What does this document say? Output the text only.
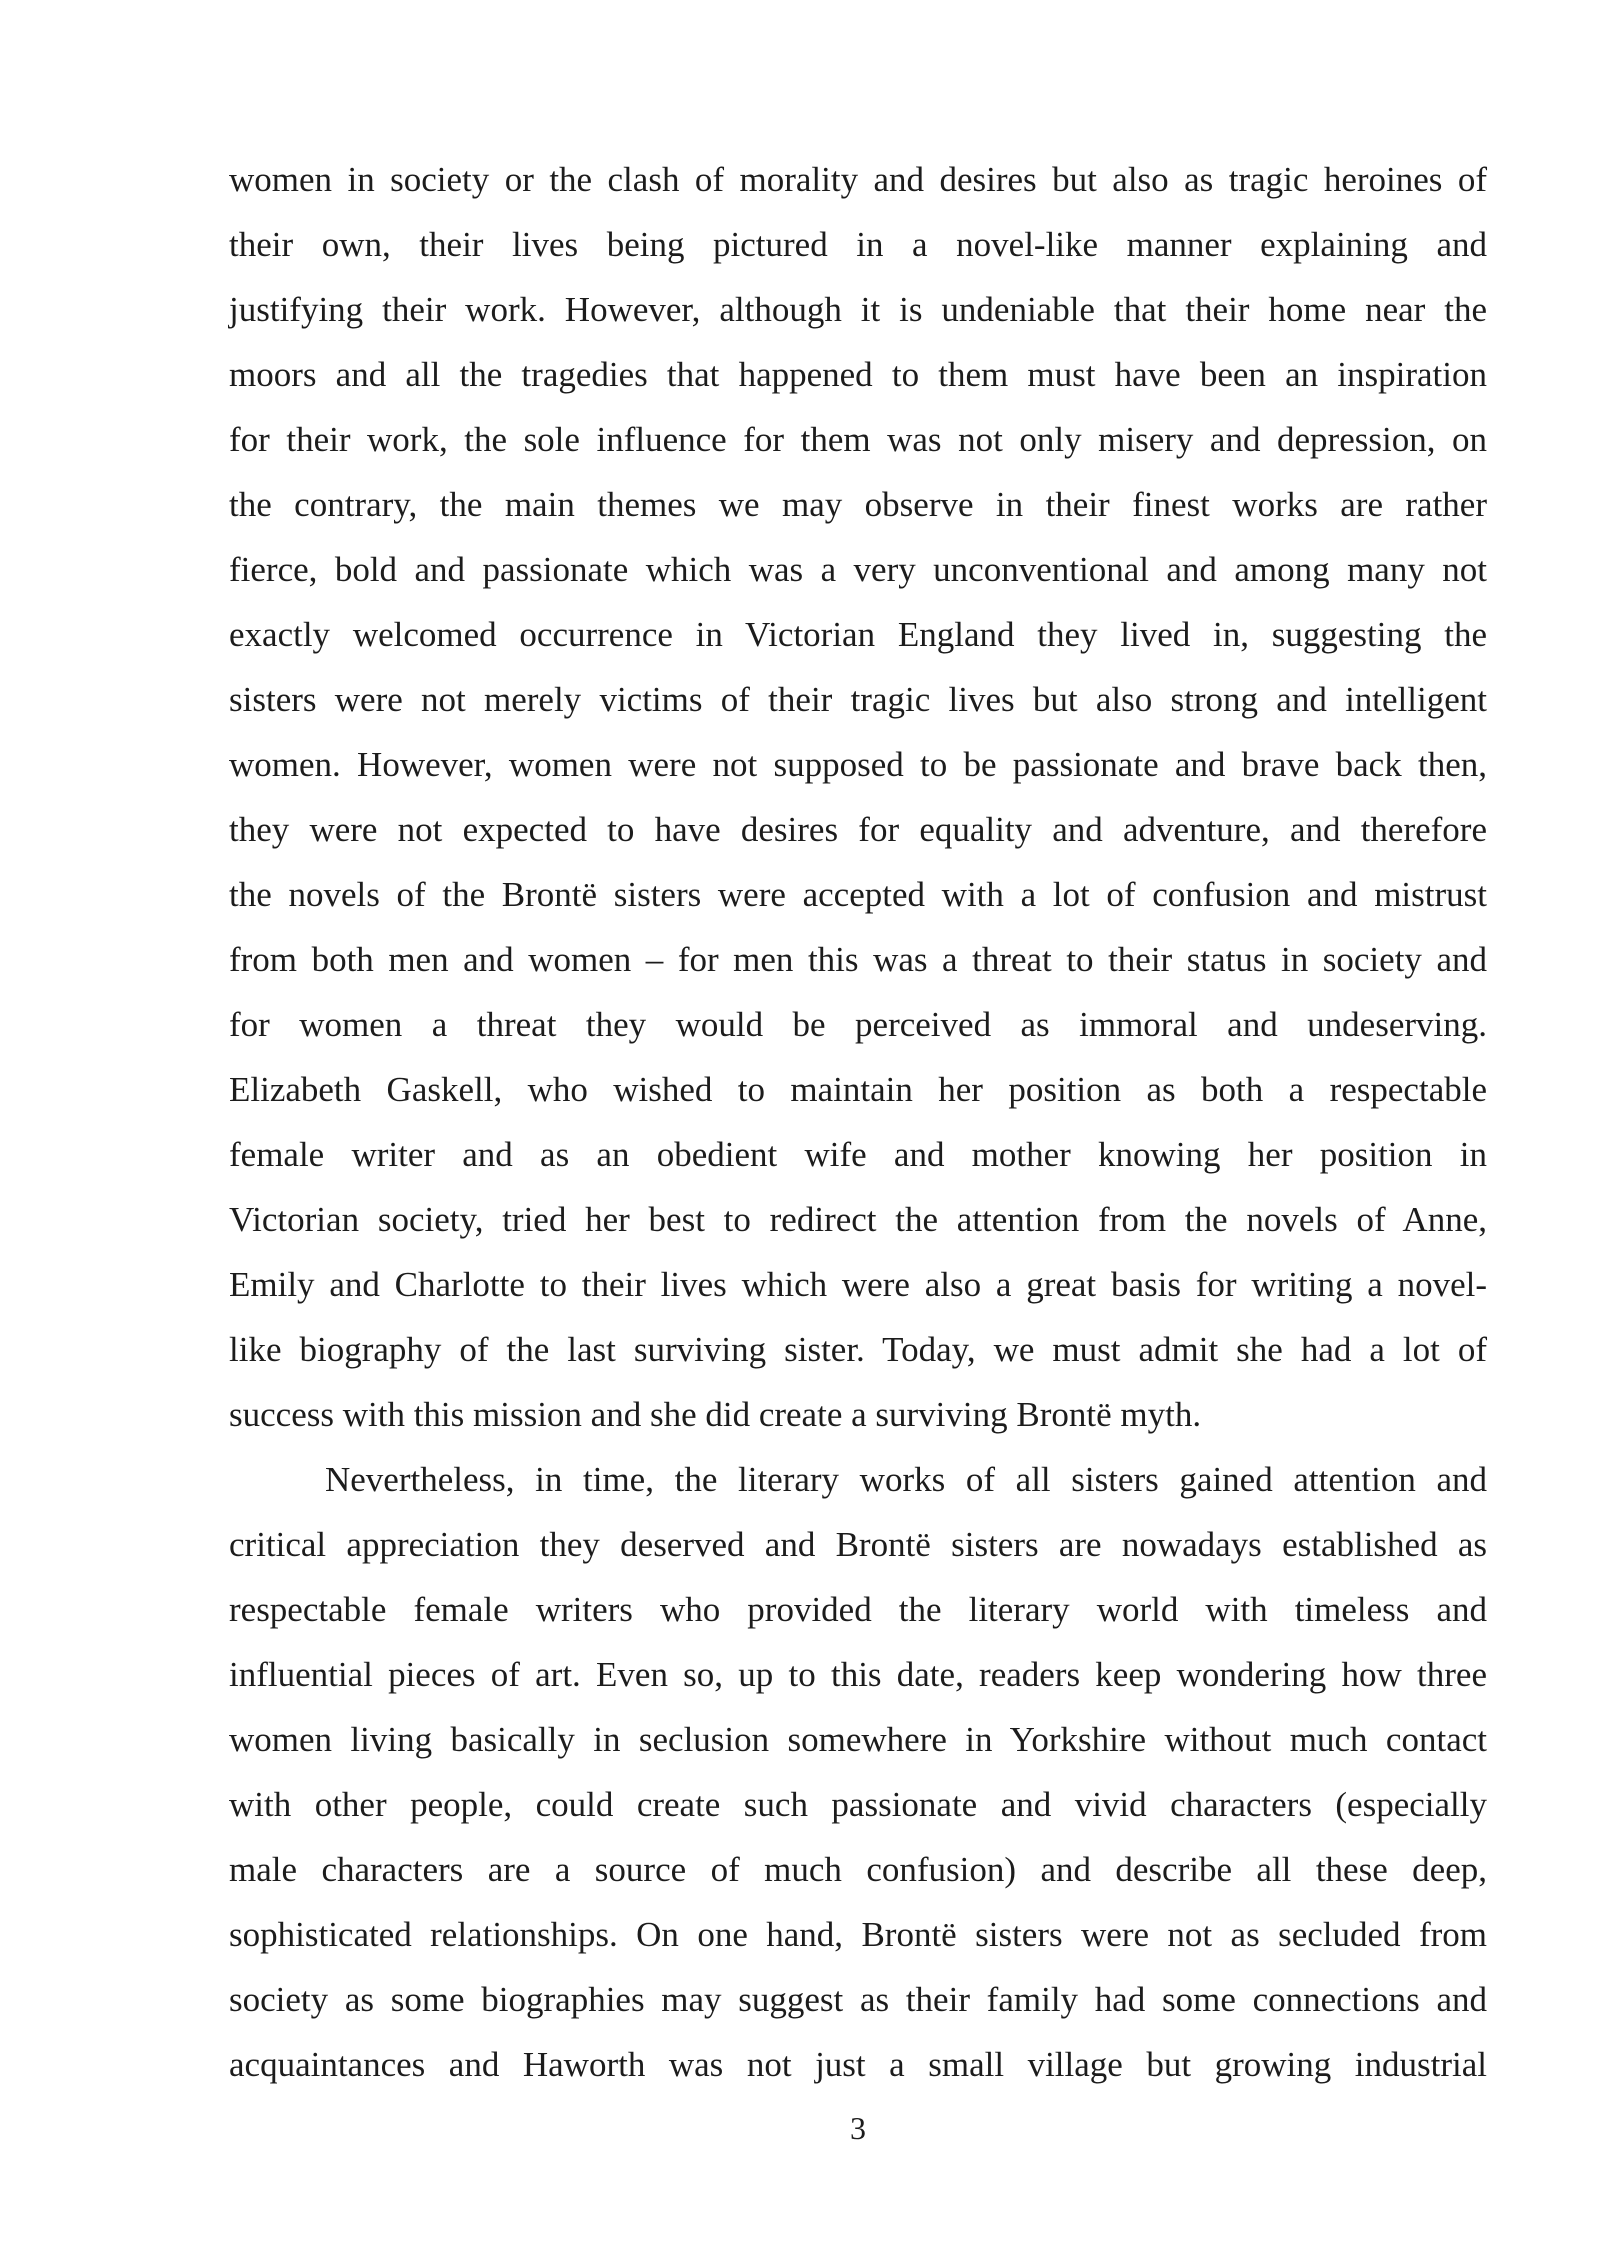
women in society or the clash of morality and desires but also as tragic heroines of
their own, their lives being pictured in a novel-like manner explaining and
justifying their work. However, although it is undeniable that their home near the
moors and all the tragedies that happened to them must have been an inspiration
for their work, the sole influence for them was not only misery and depression, on
the contrary, the main themes we may observe in their finest works are rather
fierce, bold and passionate which was a very unconventional and among many not
exactly welcomed occurrence in Victorian England they lived in, suggesting the
sisters were not merely victims of their tragic lives but also strong and intelligent
women. However, women were not supposed to be passionate and brave back then,
they were not expected to have desires for equality and adventure, and therefore
the novels of the Brontë sisters were accepted with a lot of confusion and mistrust
from both men and women – for men this was a threat to their status in society and
for women a threat they would be perceived as immoral and undeserving.
Elizabeth Gaskell, who wished to maintain her position as both a respectable
female writer and as an obedient wife and mother knowing her position in
Victorian society, tried her best to redirect the attention from the novels of Anne,
Emily and Charlotte to their lives which were also a great basis for writing a novel-
like biography of the last surviving sister. Today, we must admit she had a lot of
success with this mission and she did create a surviving Brontë myth.
Nevertheless, in time, the literary works of all sisters gained attention and
critical appreciation they deserved and Brontë sisters are nowadays established as
respectable female writers who provided the literary world with timeless and
influential pieces of art. Even so, up to this date, readers keep wondering how three
women living basically in seclusion somewhere in Yorkshire without much contact
with other people, could create such passionate and vivid characters (especially
male characters are a source of much confusion) and describe all these deep,
sophisticated relationships. On one hand, Brontë sisters were not as secluded from
society as some biographies may suggest as their family had some connections and
acquaintances and Haworth was not just a small village but growing industrial
3
